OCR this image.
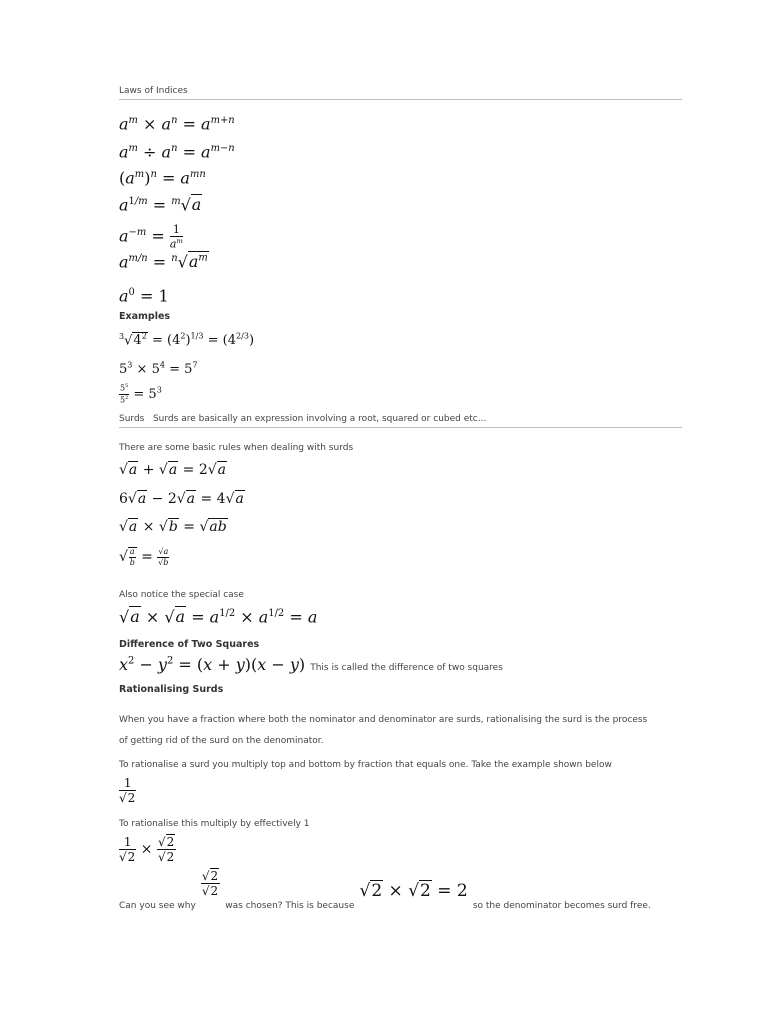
Laws of Indices
$a^m \times a^n = a^{m+n}$
$a^m \div a^n = a^{m-n}$
$(a^m)^n = a^{mn}$
$a^{1/m} = ^m√a$
$a^{-m} = \frac{1}{a^m}$
$a^{m/n} = ^n√a^m$
$a^0 = 1$
Examples
$^3√4^2 = (4^2)^{1/3} = (4^{2/3})$
$5^3 \times 5^4 = 5^7$
$\frac{5^5}{5^2} = 5^3$
Surds Surds are basically an expression involving a root, squared or cubed etc...
There are some basic rules when dealing with surds
√a + √a = 2√a
6√a − 2√a = 4√a
√a × √b = √ab
√ $\frac{a}{b} = \frac{√a}{√b}$
Also notice the special case
$√a \times √a = a^{1/2} \times a^{1/2} = a$
Difference of Two Squares
$x^2 - y^2 = (x + y)(x - y)$ This is called the difference of two squares
Rationalising Surds
When you have a fraction where both the nominator and denominator are surds, rationalising the surd is the process of getting rid of the surd on the denominator.
To rationalise a surd you multiply top and bottom by fraction that equals one. Take the example shown below
$\frac{1}{√2}$
To rationalise this multiply by effectively 1
$\frac{1}{√2} \times \frac{√2}{√2}$
$_{Can you see why}$
$\frac{√2}{√2}$
$_{was chosen? This is because}$ √2 × √2 = 2 $_{so the denominator becomes surd free.}$
